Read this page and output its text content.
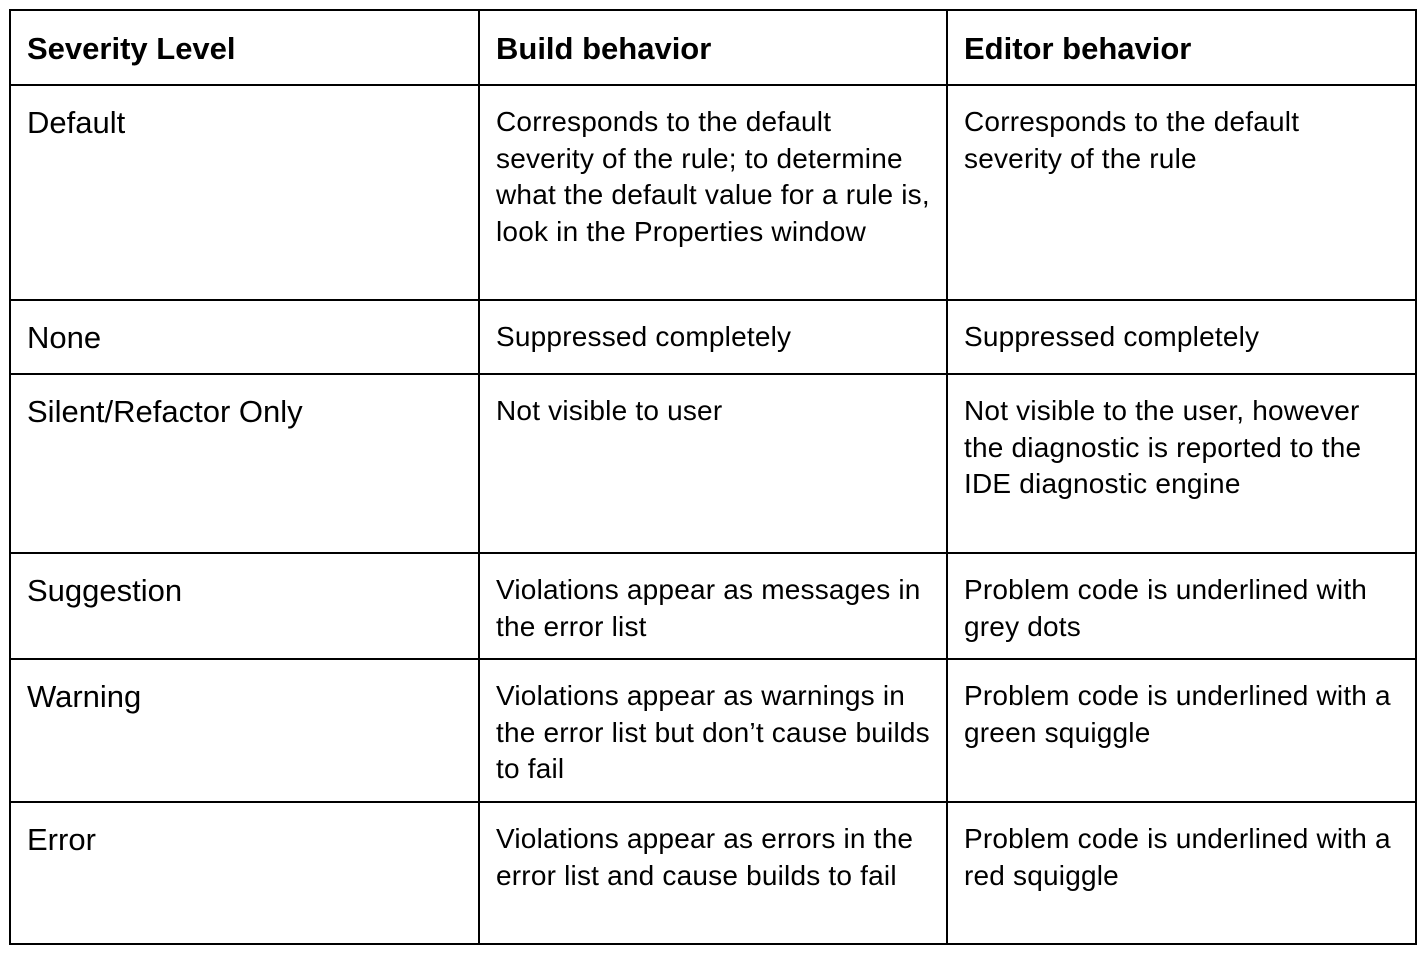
Severity Level	Build behavior	Editor behavior
Default	Corresponds to the default severity of the rule; to determine what the default value for a rule is, look in the Properties window	Corresponds to the default severity of the rule
None	Suppressed completely	Suppressed completely
Silent/Refactor Only	Not visible to user	Not visible to the user, however the diagnostic is reported to the IDE diagnostic engine
Suggestion	Violations appear as messages in the error list	Problem code is underlined with grey dots
Warning	Violations appear as warnings in the error list but don’t cause builds to fail	Problem code is underlined with a green squiggle
Error	Violations appear as errors in the error list and cause builds to fail	Problem code is underlined with a red squiggle
